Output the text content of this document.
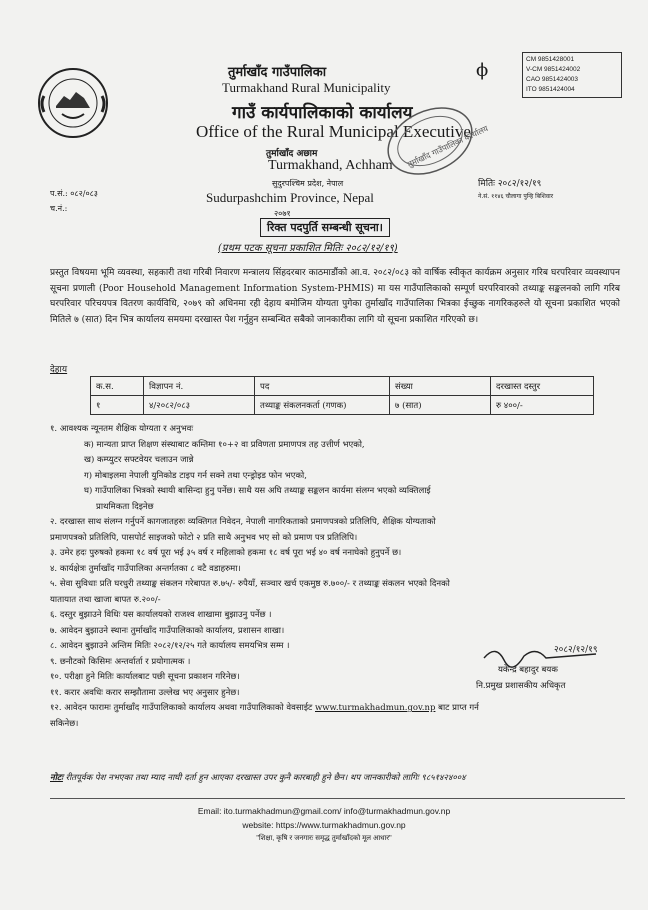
तुर्माखाँद गाउँपालिका
Turmakhand Rural Municipality
गाउँ कार्यपालिकाको कार्यालय
Office of the Rural Municipal Executive
तुर्माखाँद अछाम
Turmakhand, Achham
सुदुरपश्चिम प्रदेश, नेपाल
Sudurpashchim Province, Nepal
२०७१
तुर्माखाँद गाउँपालिका कार्यालय
CM 9851428001
V-CM 9851424002
CAO 9851424003
ITO 9851424004
ϕ
मितिः २०८२/१२/१९
ने.सं. ११४६ चौलागा पुन्हि बिशिवार
प.सं.: ०८२/०८३
च.नं.:
रिक्त पदपुर्ति सम्बन्धी सूचना।
(प्रथम पटक सूचना प्रकाशित मितिः २०८२/१२/१९)
प्रस्तुत विषयमा भूमि व्यवस्था, सहकारी तथा गरिबी निवारण मन्त्रालय सिंहदरबार काठमाडौंको आ.व. २०८२/०८३ को वार्षिक स्वीकृत कार्यक्रम अनुसार गरिब घरपरिवार व्यवस्थापन सूचना प्रणाली (Poor Household Management Information System-PHMIS) मा यस गाउँपालिकाको सम्पूर्ण घरपरिवारको तथ्याङ्क सङ्कलनको लागि गरिब घरपरिवार परिचयपत्र वितरण कार्यविधि, २०७९ को अधिनमा रही देहाय बमोजिम योग्यता पुगेका तुर्माखाँद गाउँपालिका भित्रका ईच्छुक नागरिकहरुले यो सूचना प्रकाशित भएको मितिले ७ (सात) दिन भित्र कार्यालय समयमा दरखास्त पेश गर्नुहुन सम्बन्धित सबैको जानकारीका लागि यो सूचना प्रकाशित गरिएको छ।
देहाय
क.स.	विज्ञापन नं.	पद	संख्या	दरखास्त दस्तुर
१	४/२०८२/०८३	तथ्याङ्क संकलनकर्ता (गणक)	७ (सात)	रु ४००/-
१. आवश्यक न्यूनतम शैक्षिक योग्यता र अनुभवः
क) मान्यता प्राप्त शिक्षण संस्थाबाट कम्तिमा १०+२ वा प्रविणता प्रमाणपत्र तह उत्तीर्ण भएको,
ख) कम्प्युटर सफ्टवेयर चलाउन जान्ने
ग) मोबाइलमा नेपाली युनिकोड टाइप गर्न सक्ने तथा एन्ड्रोइड फोन भएको,
घ) गाउँपालिका भित्रको स्थायी बासिन्दा हुनु पर्नेछ। साथै यस अघि तथ्याङ्क सङ्कलन कार्यमा संलग्न भएको व्यक्तिलाई
प्राथमिकता दिइनेछ
२. दरखास्त साथ संलग्न गर्नुपर्ने कागजातहरुः व्यक्तिगत निवेदन, नेपाली नागरिकताको प्रमाणपत्रको प्रतिलिपि, शैक्षिक योग्यताको
प्रमाणपत्रको प्रतिलिपि, पासपोर्ट साइजको फोटो २ प्रति साथै अनुभव भए सो को प्रमाण पत्र प्रतिलिपि।
३. उमेर हदः पुरुषको हकमा १८ वर्ष पूरा भई ३५ वर्ष र महिलाको हकमा १८ वर्ष पूरा भई ४० वर्ष ननाघेको हुनुपर्ने छ।
४. कार्यक्षेत्रः तुर्माखाँद गाउँपालिका अन्तर्गतका ८ वटै वडाहरुमा।
५. सेवा सुविधाः प्रति घरधुरी तथ्याङ्क संकलन गरेबापत रु.७५/- रुपैयाँ, सञ्चार खर्च एकमुष्ठ रु.७००/- र तथ्याङ्क संकलन भएको दिनको
यातायात तथा खाजा बापत रु.२००/-
६. दस्तुर बुझाउने विधिः यस कार्यालयको राजश्व शाखामा बुझाउनु पर्नेछ ।
७. आवेदन बुझाउने स्थानः तुर्माखाँद गाउँपालिकाको कार्यालय, प्रशासन शाखा।
८. आवेदन बुझाउने अन्तिम मितिः २०८२/१२/२५ गते कार्यालय समयभित्र सम्म ।
९. छनौटको किसिमः अन्तर्वार्ता र प्रयोगात्मक ।
१०. परीक्षा हुने मितिः कार्यालबाट पछी सूचना प्रकाशन गरिनेछ।
११. करार अवधिः करार सम्झौतामा उल्लेख भए अनुसार हुनेछ।
१२. आवेदन फारामः तुर्माखाँद गाउँपालिकाको कार्यालय अथवा गाउँपालिकाको वेवसाईट www.turmakhadmun.gov.np बाट प्राप्त गर्न
सकिनेछ।
२०८२/१२/१९
यकेन्द्र बहादुर बयक
नि.प्रमुख प्रशासकीय अधिकृत
नोटः रीतपूर्वक पेश नभएका तथा म्याद नाघी दर्ता हुन आएका दरखास्त उपर कुनै कारबाही हुने छैन। थप जानकारीको लागिः ९८५१४२४००४
Email: ito.turmakhadmun@gmail.com/ info@turmakhadmun.gov.np
website: https://www.turmakhadmun.gov.np
"शिक्षा, कृषि र जनगारः समृद्ध तुर्माखाँदको मूल आधार"
